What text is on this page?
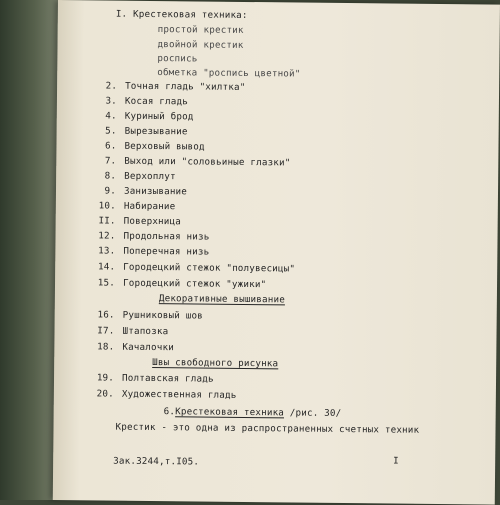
I. Крестековая техника:
простой крестик
двойной крестик
роспись
обметка "роспись цветной"
2. Точная гладь "хилтка"
3. Косая гладь
4. Куриный брод
5. Вырезывание
6. Верховый вывод
7. Выход или "соловьиные глазки"
8. Верхоплут
9. Занизывание
10. Набирание
II. Поверхница
12. Продольная низь
13. Поперечная низь
14. Городецкий стежок "полувесицы"
15. Городецкий стежок "ужики"
Декоративные вышивание
16. Рушниковый шов
I7. Штапозка
18. Качалочки
Швы свободного рисунка
19. Полтавская гладь
20. Художественная гладь
6.Крестековая техника /рис. 30/
Крестик - это одна из распространенных счетных техник
Зак.3244,т.I05.	I
